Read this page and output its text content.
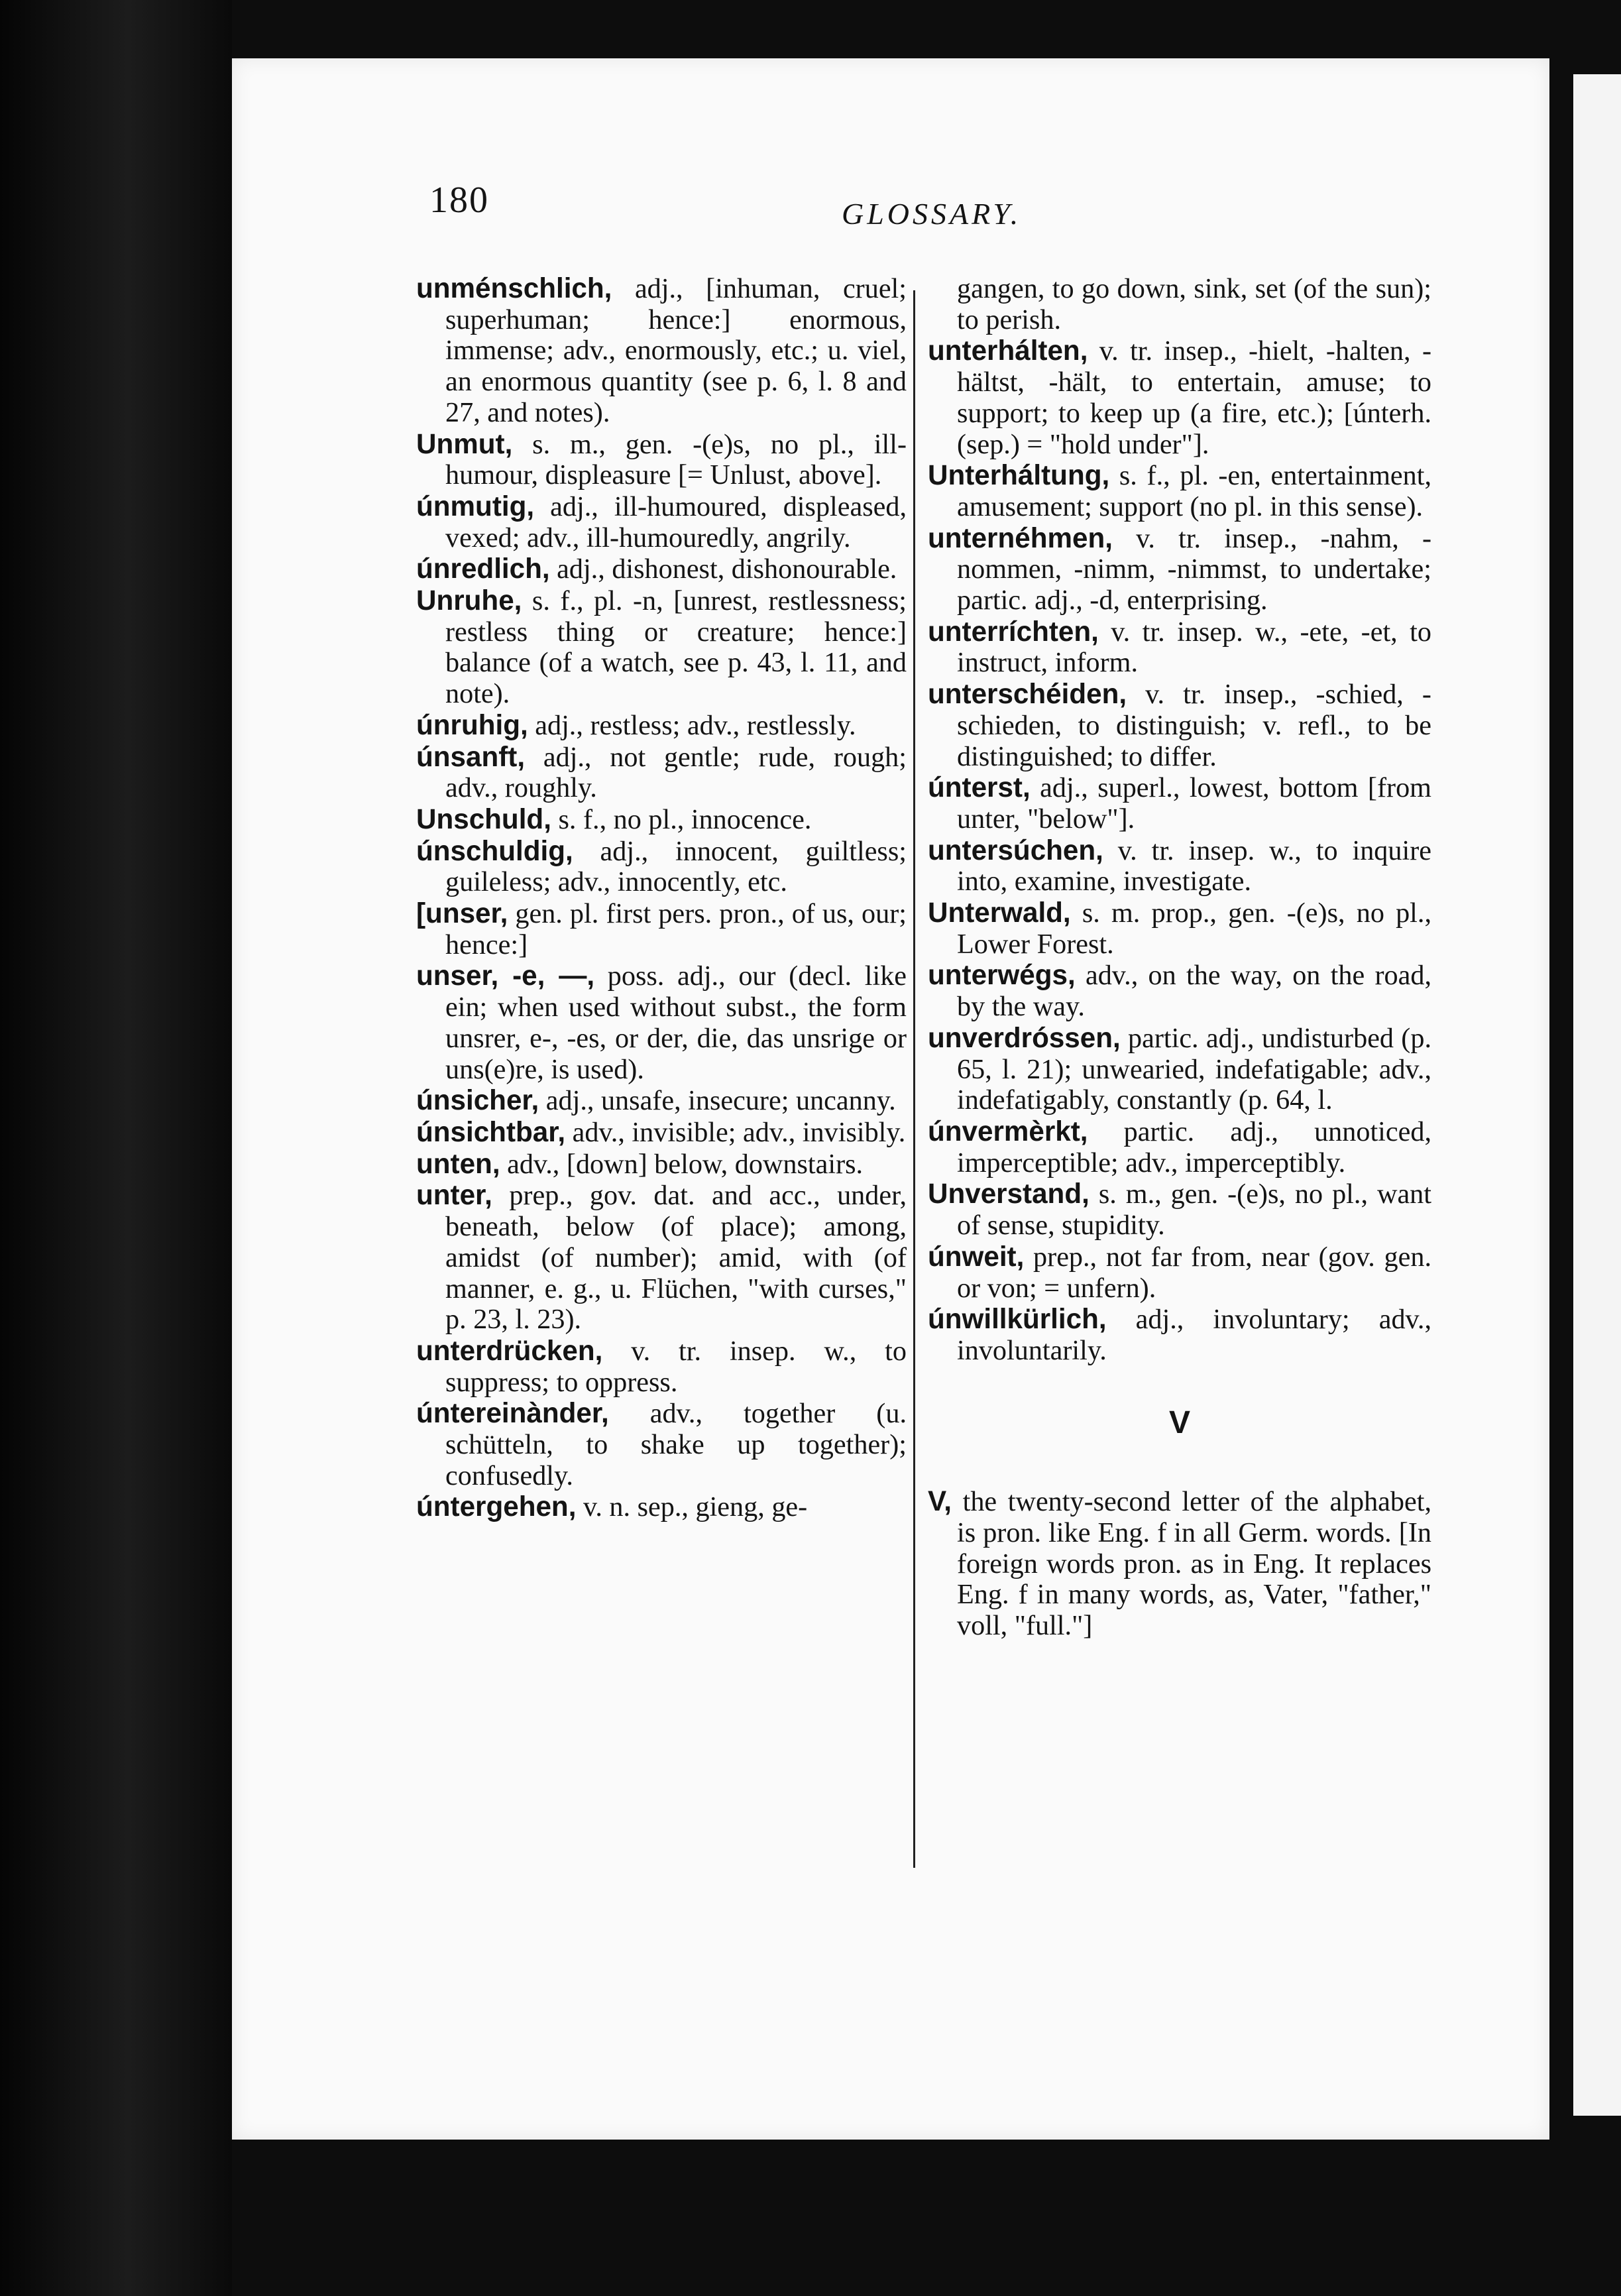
180	GLOSSARY.

unménschlich, adj., [inhuman, cruel; superhuman; hence:] enormous, immense; adv., enormously, etc.; u. viel, an enormous quantity (see p. 6, l. 8 and 27, and notes).

Unmut, s. m., gen. -(e)s, no pl., ill-humour, displeasure [= Unlust, above].

únmutig, adj., ill-humoured, displeased, vexed; adv., ill-humouredly, angrily.

únredlich, adj., dishonest, dishonourable.

Unruhe, s. f., pl. -n, [unrest, restlessness; restless thing or creature; hence:] balance (of a watch, see p. 43, l. 11, and note).

únruhig, adj., restless; adv., restlessly.

únsanft, adj., not gentle; rude, rough; adv., roughly.

Unschuld, s. f., no pl., innocence.

únschuldig, adj., innocent, guiltless; guileless; adv., innocently, etc.

[unser, gen. pl. first pers. pron., of us, our; hence:]

unser, -e, —, poss. adj., our (decl. like ein; when used without subst., the form unsrer, e-, -es, or der, die, das unsrige or uns(e)re, is used).

únsicher, adj., unsafe, insecure; uncanny.

únsichtbar, adv., invisible; adv., invisibly.

unten, adv., [down] below, downstairs.

unter, prep., gov. dat. and acc., under, beneath, below (of place); among, amidst (of number); amid, with (of manner, e. g., u. Flüchen, "with curses," p. 23, l. 23).

unterdrücken, v. tr. insep. w., to suppress; to oppress.

úntereinànder, adv., together (u. schütteln, to shake up together); confusedly.

úntergehen, v. n. sep., gieng, ge-

gangen, to go down, sink, set (of the sun); to perish.

unterhálten, v. tr. insep., -hielt, -halten, -hältst, -hält, to entertain, amuse; to support; to keep up (a fire, etc.); [únterh. (sep.) = "hold under"].

Unterháltung, s. f., pl. -en, entertainment, amusement; support (no pl. in this sense).

unternéhmen, v. tr. insep., -nahm, -nommen, -nimm, -nimmst, to undertake; partic. adj., -d, enterprising.

unterríchten, v. tr. insep. w., -ete, -et, to instruct, inform.

unterschéiden, v. tr. insep., -schied, -schieden, to distinguish; v. refl., to be distinguished; to differ.

únterst, adj., superl., lowest, bottom [from unter, "below"].

untersúchen, v. tr. insep. w., to inquire into, examine, investigate.

Unterwald, s. m. prop., gen. -(e)s, no pl., Lower Forest.

unterwégs, adv., on the way, on the road, by the way.

unverdróssen, partic. adj., undisturbed (p. 65, l. 21); unwearied, indefatigable; adv., indefatigably, constantly (p. 64, l.

únvermèrkt, partic. adj., unnoticed, imperceptible; adv., imperceptibly.

Unverstand, s. m., gen. -(e)s, no pl., want of sense, stupidity.

únweit, prep., not far from, near (gov. gen. or von; = unfern).

únwillkürlich, adj., involuntary; adv., involuntarily.

V

V, the twenty-second letter of the alphabet, is pron. like Eng. f in all Germ. words. [In foreign words pron. as in Eng. It replaces Eng. f in many words, as, Vater, "father," voll, "full."]
